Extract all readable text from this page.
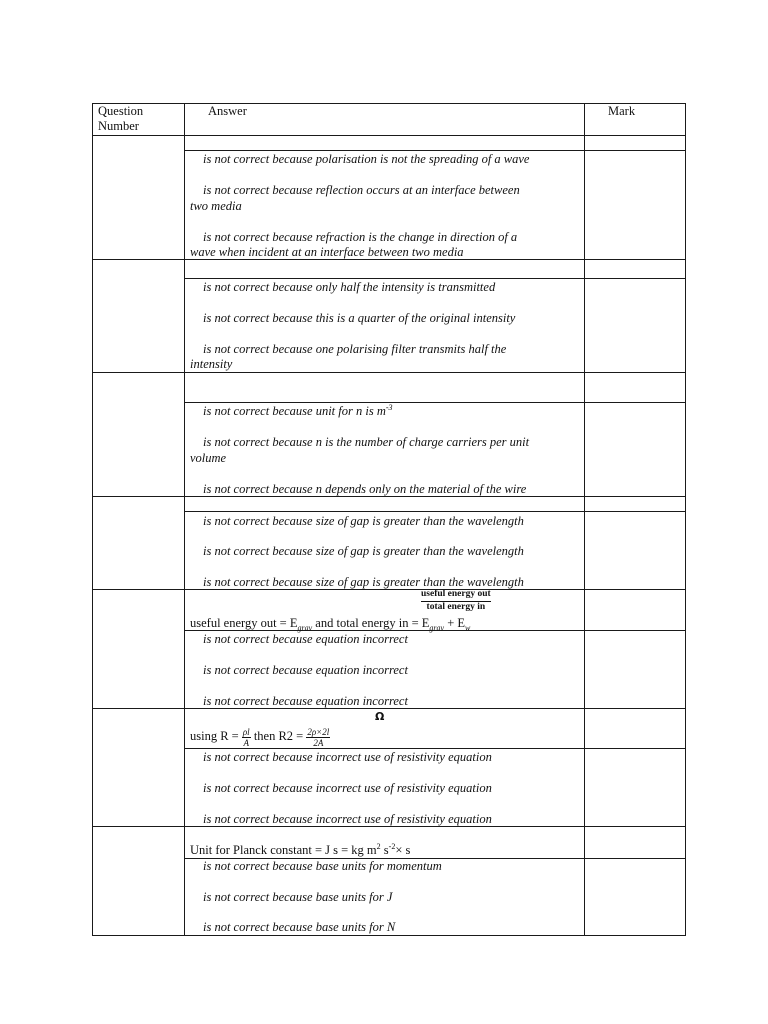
Question
Number
Answer	Mark
is not correct because polarisation is not the spreading of a wave
is not correct because reflection occurs at an interface between
two media
is not correct because refraction is the change in direction of a
wave when incident at an interface between two media
is not correct because only half the intensity is transmitted
is not correct because this is a quarter of the original intensity
is not correct because one polarising filter transmits half the
intensity
is not correct because unit for n is $m^{-3}$
is not correct because n is the number of charge carriers per unit
volume
is not correct because n depends only on the material of the wire
is not correct because size of gap is greater than the wavelength
is not correct because size of gap is greater than the wavelength
is not correct because size of gap is greater than the wavelength
useful energy out
total energy in
useful energy out = $E_{grav}$ and total energy in = $E_{grav} + E_w$
is not correct because equation incorrect
is not correct because equation incorrect
is not correct because equation incorrect
Ω
using $R = \frac{\rho l}{A}$ then $R2 = \frac{2\rho\times 2l}{2A}$
is not correct because incorrect use of resistivity equation
is not correct because incorrect use of resistivity equation
is not correct because incorrect use of resistivity equation
Unit for Planck constant = J s = kg $m^2$ $s^{-2}\times s$
is not correct because base units for momentum
is not correct because base units for J
is not correct because base units for N
